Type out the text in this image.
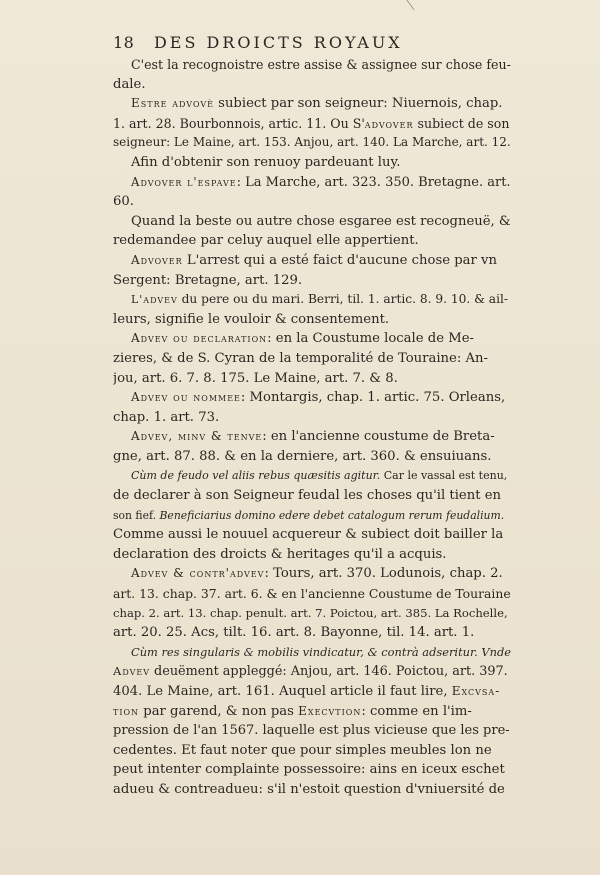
18 DES DROICTS ROYAUX
C'est la recognoistre estre assise & assignee sur chose feu-
dale.
Estre advovè subiect par son seigneur: Niuernois, chap.
1. art. 28. Bourbonnois, artic. 11. Ou S'advover subiect de son
seigneur: Le Maine, art. 153. Anjou, art. 140. La Marche, art. 12.
Afin d'obtenir son renuoy pardeuant luy.
Advover l'espave: La Marche, art. 323. 350. Bretagne. art.
60.
Quand la beste ou autre chose esgaree est recogneuë, &
redemandee par celuy auquel elle appertient.
Advover L'arrest qui a esté faict d'aucune chose par vn
Sergent: Bretagne, art. 129.
L'advev du pere ou du mari. Berri, til. 1. artic. 8. 9. 10. & ail-
leurs, signifie le vouloir & consentement.
Advev ou declaration: en la Coustume locale de Me-
zieres, & de S. Cyran de la temporalité de Touraine: An-
jou, art. 6. 7. 8. 175. Le Maine, art. 7. & 8.
Advev ou nommee: Montargis, chap. 1. artic. 75. Orleans,
chap. 1. art. 73.
Advev, minv & tenve: en l'ancienne coustume de Breta-
gne, art. 87. 88. & en la derniere, art. 360. & ensuiuans.
Cùm de feudo vel aliis rebus quæsitis agitur. Car le vassal est tenu,
de declarer à son Seigneur feudal les choses qu'il tient en
son fief. Beneficiarius domino edere debet catalogum rerum feudalium.
Comme aussi le nouuel acquereur & subiect doit bailler la
declaration des droicts & heritages qu'il a acquis.
Advev & contr'advev: Tours, art. 370. Lodunois, chap. 2.
art. 13. chap. 37. art. 6. & en l'ancienne Coustume de Touraine
chap. 2. art. 13. chap. penult. art. 7. Poictou, art. 385. La Rochelle,
art. 20. 25. Acs, tilt. 16. art. 8. Bayonne, til. 14. art. 1.
Cùm res singularis & mobilis vindicatur, & contrà adseritur. Vnde
Advev deuëment appleggé: Anjou, art. 146. Poictou, art. 397.
404. Le Maine, art. 161. Auquel article il faut lire, Excvsa-
tion par garend, & non pas Execvtion: comme en l'im-
pression de l'an 1567. laquelle est plus vicieuse que les pre-
cedentes. Et faut noter que pour simples meubles lon ne
peut intenter complainte possessoire: ains en iceux eschet
adueu & contreadueu: s'il n'estoit question d'vniuersité de
